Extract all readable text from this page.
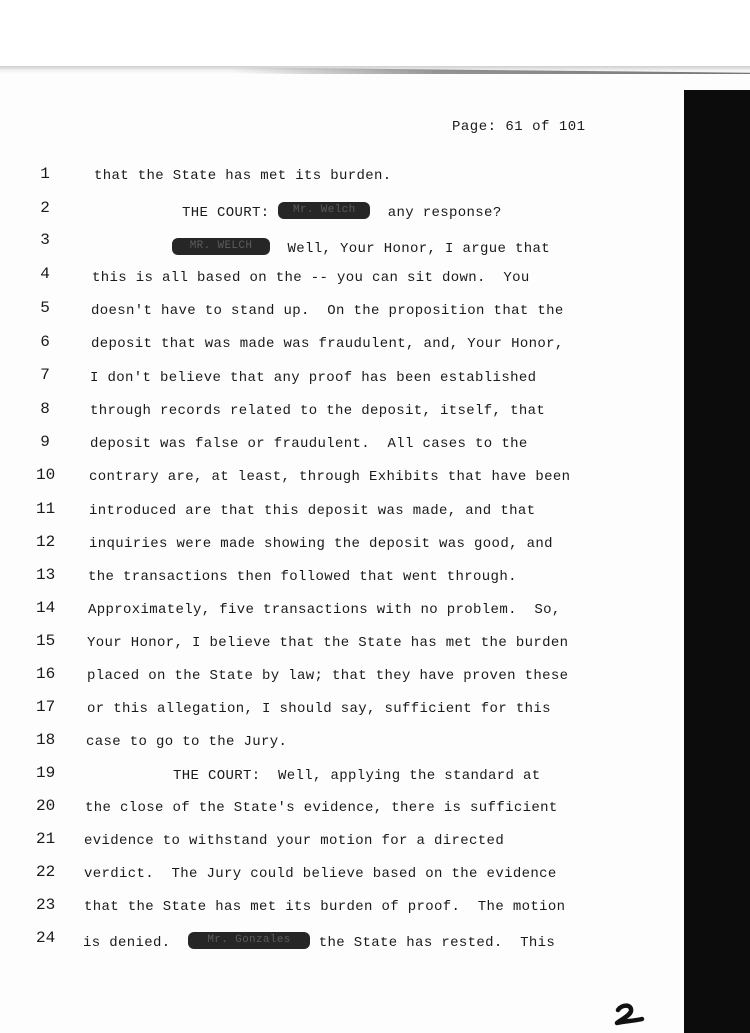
Page: 61 of 101
1	that the State has met its burden.
2	THE COURT: Mr. Welch any response?
3	MR. WELCH	Well, Your Honor, I argue that
4	this is all based on the -- you can sit down.  You
5	doesn't have to stand up.  On the proposition that the
6	deposit that was made was fraudulent, and, Your Honor,
7	I don't believe that any proof has been established
8	through records related to the deposit, itself, that
9	deposit was false or fraudulent.  All cases to the
10 contrary are, at least, through Exhibits that have been
11 introduced are that this deposit was made, and that
12 inquiries were made showing the deposit was good, and
13 the transactions then followed that went through.
14 Approximately, five transactions with no problem.  So,
15 Your Honor, I believe that the State has met the burden
16 placed on the State by law; that they have proven these
17 or this allegation, I should say, sufficient for this
18 case to go to the Jury.
19	THE COURT:  Well, applying the standard at
20 the close of the State's evidence, there is sufficient
21 evidence to withstand your motion for a directed
22 verdict.  The Jury could believe based on the evidence
23 that the State has met its burden of proof.  The motion
24 is denied.	Mr. Gonzales the State has rested.  This
